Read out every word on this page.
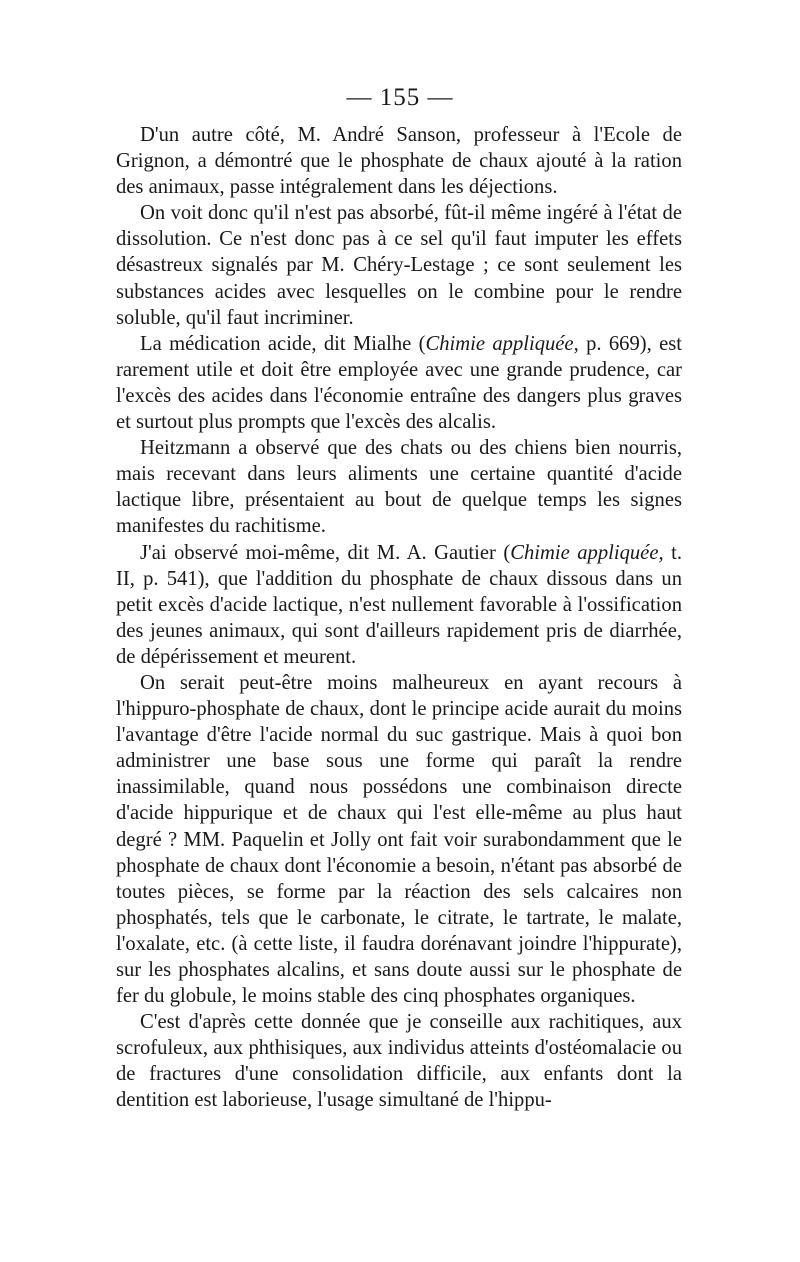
— 155 —

D'un autre côté, M. André Sanson, professeur à l'Ecole de Grignon, a démontré que le phosphate de chaux ajouté à la ration des animaux, passe intégralement dans les déjections.

On voit donc qu'il n'est pas absorbé, fût-il même ingéré à l'état de dissolution. Ce n'est donc pas à ce sel qu'il faut imputer les effets désastreux signalés par M. Chéry-Lestage ; ce sont seulement les substances acides avec lesquelles on le combine pour le rendre soluble, qu'il faut incriminer.

La médication acide, dit Mialhe (Chimie appliquée, p. 669), est rarement utile et doit être employée avec une grande prudence, car l'excès des acides dans l'économie entraîne des dangers plus graves et surtout plus prompts que l'excès des alcalis.

Heitzmann a observé que des chats ou des chiens bien nourris, mais recevant dans leurs aliments une certaine quantité d'acide lactique libre, présentaient au bout de quelque temps les signes manifestes du rachitisme.

J'ai observé moi-même, dit M. A. Gautier (Chimie appliquée, t. II, p. 541), que l'addition du phosphate de chaux dissous dans un petit excès d'acide lactique, n'est nullement favorable à l'ossification des jeunes animaux, qui sont d'ailleurs rapidement pris de diarrhée, de dépérissement et meurent.

On serait peut-être moins malheureux en ayant recours à l'hippuro-phosphate de chaux, dont le principe acide aurait du moins l'avantage d'être l'acide normal du suc gastrique. Mais à quoi bon administrer une base sous une forme qui paraît la rendre inassimilable, quand nous possédons une combinaison directe d'acide hippurique et de chaux qui l'est elle-même au plus haut degré ? MM. Paquelin et Jolly ont fait voir surabondamment que le phosphate de chaux dont l'économie a besoin, n'étant pas absorbé de toutes pièces, se forme par la réaction des sels calcaires non phosphatés, tels que le carbonate, le citrate, le tartrate, le malate, l'oxalate, etc. (à cette liste, il faudra dorénavant joindre l'hippurate), sur les phosphates alcalins, et sans doute aussi sur le phosphate de fer du globule, le moins stable des cinq phosphates organiques.

C'est d'après cette donnée que je conseille aux rachitiques, aux scrofuleux, aux phthisiques, aux individus atteints d'ostéomalacie ou de fractures d'une consolidation difficile, aux enfants dont la dentition est laborieuse, l'usage simultané de l'hippu-
